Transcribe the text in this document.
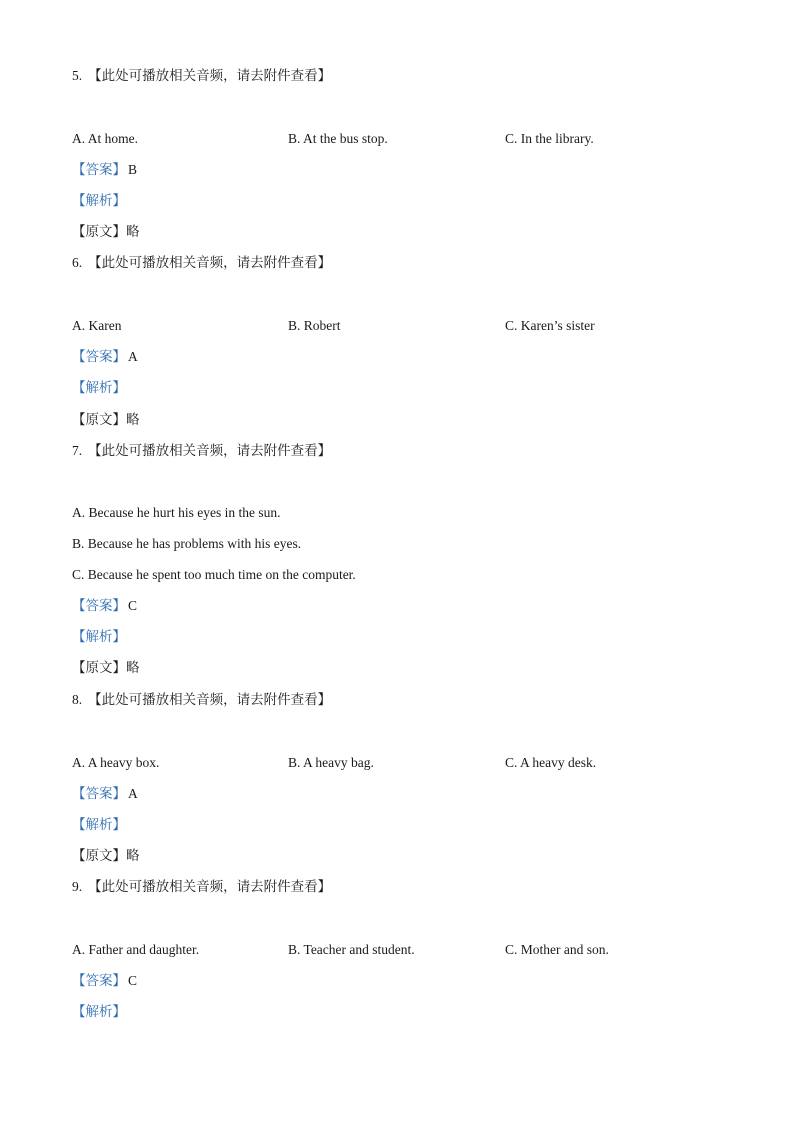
5. 【此处可播放相关音频，请去附件查看】
A. At home.	B. At the bus stop.	C. In the library.
【答案】 B
【解析】
【原文】略
6. 【此处可播放相关音频，请去附件查看】
A. Karen	B. Robert	C. Karen’s sister
【答案】 A
【解析】
【原文】略
7. 【此处可播放相关音频，请去附件查看】
A. Because he hurt his eyes in the sun.
B. Because he has problems with his eyes.
C. Because he spent too much time on the computer.
【答案】 C
【解析】
【原文】略
8. 【此处可播放相关音频，请去附件查看】
A. A heavy box.	B. A heavy bag.	C. A heavy desk.
【答案】 A
【解析】
【原文】略
9. 【此处可播放相关音频，请去附件查看】
A. Father and daughter.	B. Teacher and student.	C. Mother and son.
【答案】 C
【解析】
